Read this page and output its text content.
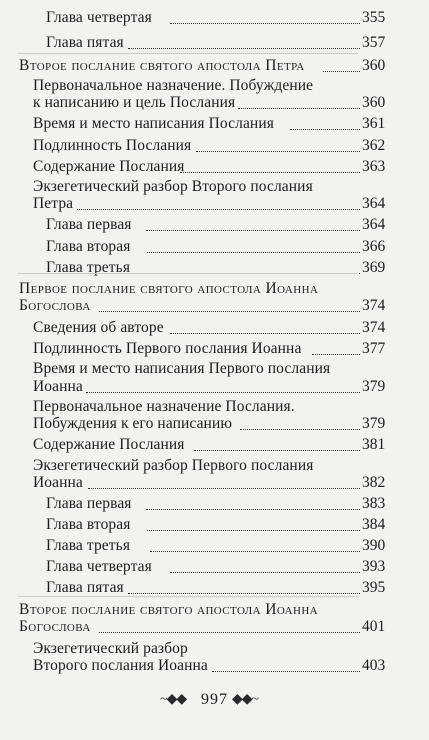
Глава четвертая	355
Глава пятая	357
Второе послание святого апостола Петра	360
Первоначальное назначение. Побуждение
к написанию и цель Послания	360
Время и место написания Послания	361
Подлинность Послания	362
Содержание Послания	363
Экзегетический разбор Второго послания
Петра	364
Глава первая	364
Глава вторая	366
Глава третья	369
Первое послание святого апостола Иоанна
Богослова	374
Сведения об авторе	374
Подлинность Первого послания Иоанна	377
Время и место написания Первого послания
Иоанна	379
Первоначальное назначение Послания.
Побуждения к его написанию	379
Содержание Послания	381
Экзегетический разбор Первого послания
Иоанна	382
Глава первая	383
Глава вторая	384
Глава третья	390
Глава четвертая	393
Глава пятая	395
Второе послание святого апостола Иоанна
Богослова	401
Экзегетический разбор
Второго послания Иоанна	403
~◆◆ 997 ◆◆~
